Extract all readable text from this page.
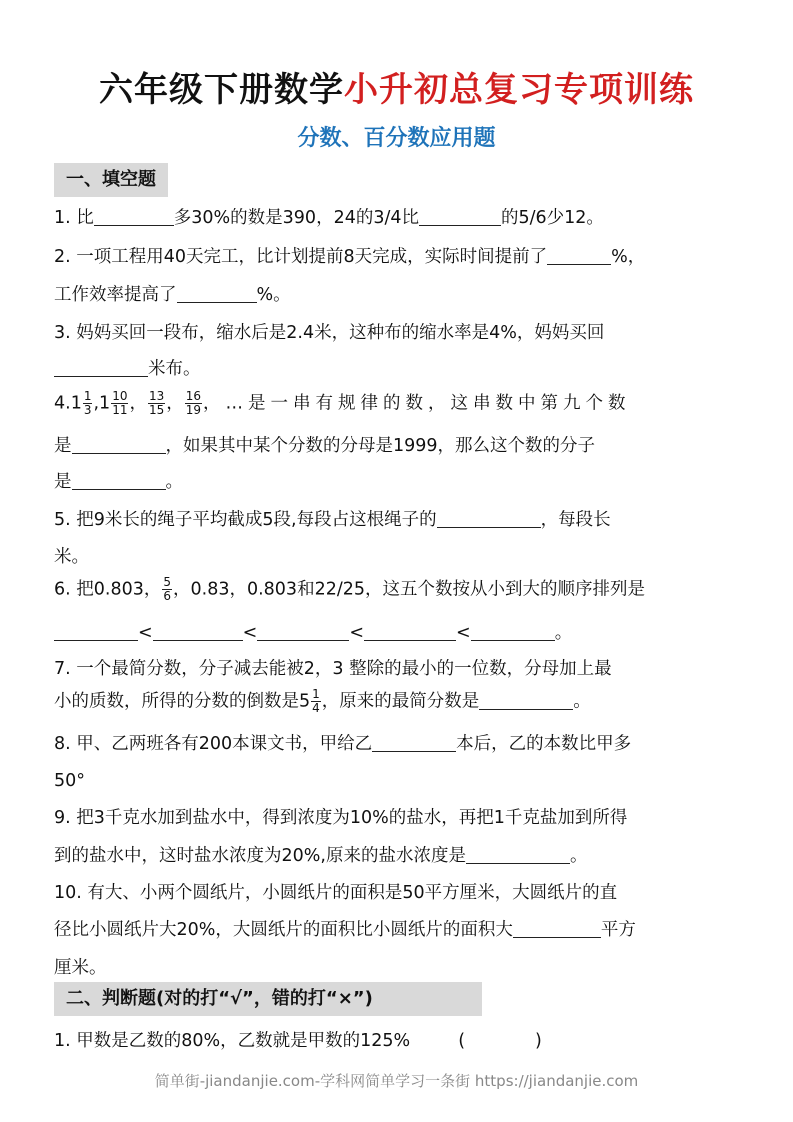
六年级下册数学小升初总复习专项训练
分数、百分数应用题
一、填空题
1. 比	多30%的数是390，24的3/4比	的5/6少12。
2. 一项工程用40天完工，比计划提前8天完成，实际时间提前了	%，
工作效率提高了	%。
3. 妈妈买回一段布，缩水后是2.4米，这种布的缩水率是4%，妈妈买回
米布。
$4.1 \frac{1}{3} ,1 \frac{10}{11}$ ， $\frac{13}{15}$ ， $\frac{16}{19}$ ，…是一串有规律的数，这串数中第九个数
是	，如果其中某个分数的分母是1999，那么这个数的分子
是	。
5. 把9米长的绳子平均截成5段,每段占这根绳子的	，每段长
米。
6. 把0.803， $\frac{5}{6}$ ，0.83，0.803和22/25，这五个数按从小到大的顺序排列是
<	<	<	<	。
7. 一个最简分数，分子减去能被2，3 整除的最小的一位数，分母加上最
小的质数，所得的分数的倒数是$5 \frac{1}{4}$ ，原来的最简分数是	。
8. 甲、乙两班各有200本课文书，甲给乙	本后，乙的本数比甲多
50°
9. 把3千克水加到盐水中，得到浓度为10%的盐水，再把1千克盐加到所得
到的盐水中，这时盐水浓度为20%,原来的盐水浓度是	。
10. 有大、小两个圆纸片，小圆纸片的面积是50平方厘米，大圆纸片的直
径比小圆纸片大20%，大圆纸片的面积比小圆纸片的面积大	平方
厘米。
二、判断题(对的打“√”，错的打“×”)
1. 甲数是乙数的80%，乙数就是甲数的125%	(　　　　)
简单街-jiandanjie.com-学科网简单学习一条街 https://jiandanjie.com
